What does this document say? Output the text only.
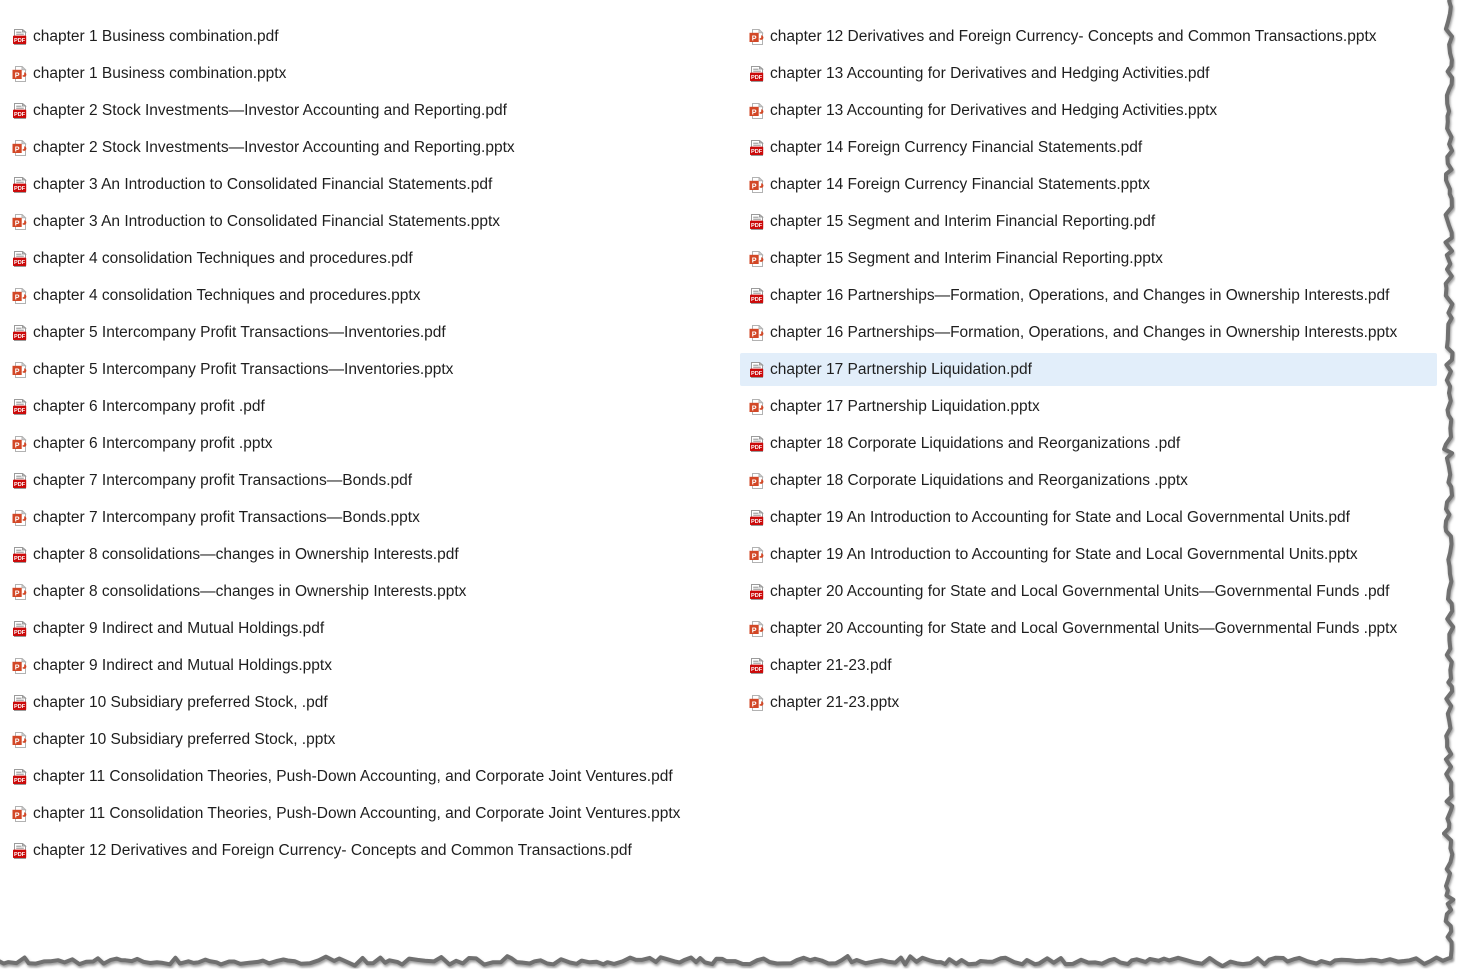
PDF chapter 1 Business combination.pdf
P chapter 1 Business combination.pptx
PDF chapter 2 Stock Investments—Investor Accounting and Reporting.pdf
P chapter 2 Stock Investments—Investor Accounting and Reporting.pptx
PDF chapter 3 An Introduction to Consolidated Financial Statements.pdf
P chapter 3 An Introduction to Consolidated Financial Statements.pptx
PDF chapter 4 consolidation Techniques and procedures.pdf
P chapter 4 consolidation Techniques and procedures.pptx
PDF chapter 5 Intercompany Profit Transactions—Inventories.pdf
P chapter 5 Intercompany Profit Transactions—Inventories.pptx
PDF chapter 6 Intercompany profit .pdf
P chapter 6 Intercompany profit .pptx
PDF chapter 7 Intercompany profit Transactions—Bonds.pdf
P chapter 7 Intercompany profit Transactions—Bonds.pptx
PDF chapter 8 consolidations—changes in Ownership Interests.pdf
P chapter 8 consolidations—changes in Ownership Interests.pptx
PDF chapter 9 Indirect and Mutual Holdings.pdf
P chapter 9 Indirect and Mutual Holdings.pptx
PDF chapter 10 Subsidiary preferred Stock, .pdf
P chapter 10 Subsidiary preferred Stock, .pptx
PDF chapter 11 Consolidation Theories, Push-Down Accounting, and Corporate Joint Ventures.pdf
P chapter 11 Consolidation Theories, Push-Down Accounting, and Corporate Joint Ventures.pptx
PDF chapter 12 Derivatives and Foreign Currency- Concepts and Common Transactions.pdf
P chapter 12 Derivatives and Foreign Currency- Concepts and Common Transactions.pptx
PDF chapter 13 Accounting for Derivatives and Hedging Activities.pdf
P chapter 13 Accounting for Derivatives and Hedging Activities.pptx
PDF chapter 14 Foreign Currency Financial Statements.pdf
P chapter 14 Foreign Currency Financial Statements.pptx
PDF chapter 15 Segment and Interim Financial Reporting.pdf
P chapter 15 Segment and Interim Financial Reporting.pptx
PDF chapter 16 Partnerships—Formation, Operations, and Changes in Ownership Interests.pdf
P chapter 16 Partnerships—Formation, Operations, and Changes in Ownership Interests.pptx
PDF chapter 17 Partnership Liquidation.pdf
P chapter 17 Partnership Liquidation.pptx
PDF chapter 18 Corporate Liquidations and Reorganizations .pdf
P chapter 18 Corporate Liquidations and Reorganizations .pptx
PDF chapter 19 An Introduction to Accounting for State and Local Governmental Units.pdf
P chapter 19 An Introduction to Accounting for State and Local Governmental Units.pptx
PDF chapter 20 Accounting for State and Local Governmental Units—Governmental Funds .pdf
P chapter 20 Accounting for State and Local Governmental Units—Governmental Funds .pptx
PDF chapter 21-23.pdf
P chapter 21-23.pptx
